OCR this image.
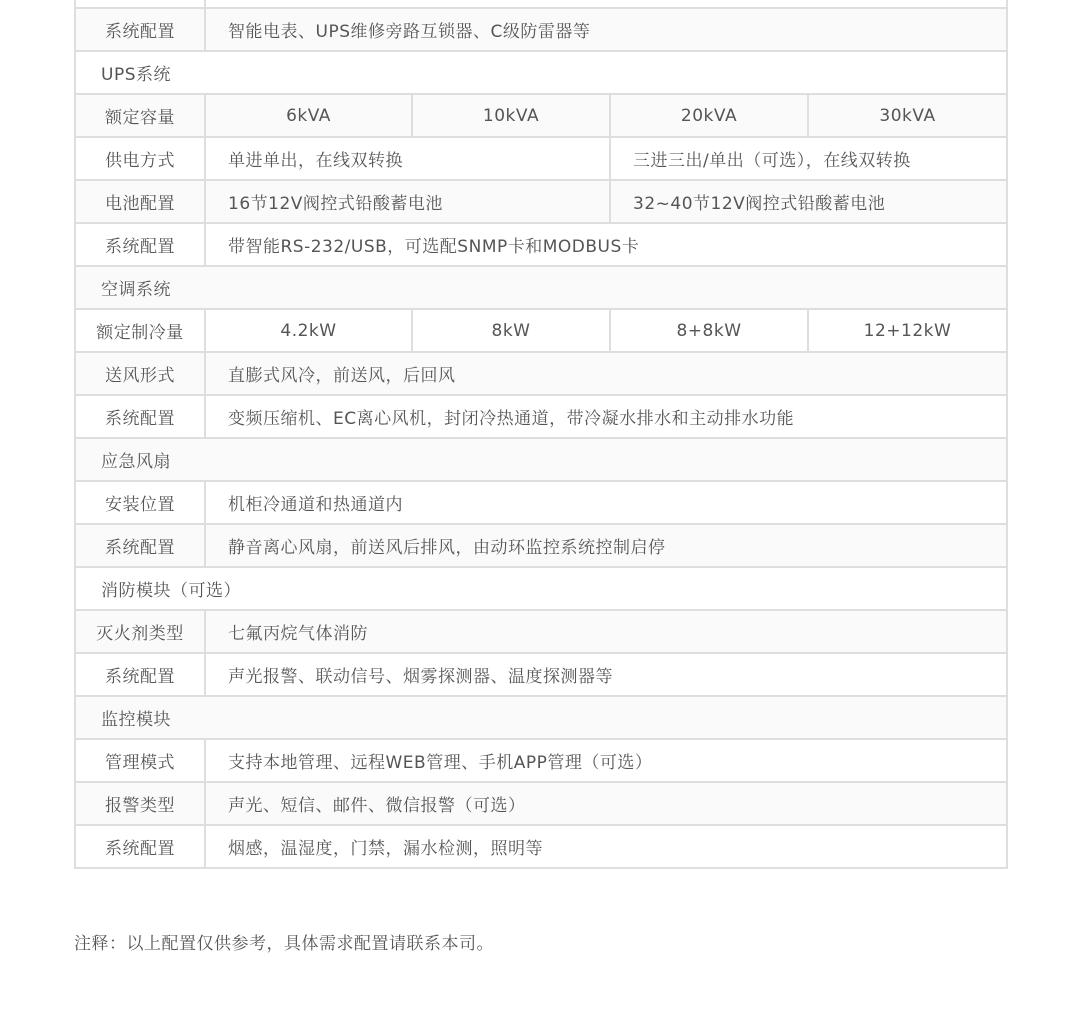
系统配置	智能电表、UPS维修旁路互锁器、C级防雷器等			
UPS系统				
额定容量	6kVA	10kVA	20kVA	30kVA
供电方式	单进单出，在线双转换		三进三出/单出（可选），在线双转换	
电池配置	16节12V阀控式铅酸蓄电池		32~40节12V阀控式铅酸蓄电池	
系统配置	带智能RS-232/USB，可选配SNMP卡和MODBUS卡			
空调系统				
额定制冷量	4.2kW	8kW	8+8kW	12+12kW
送风形式	直膨式风冷，前送风，后回风			
系统配置	变频压缩机、EC离心风机，封闭冷热通道，带冷凝水排水和主动排水功能			
应急风扇				
安装位置	机柜冷通道和热通道内			
系统配置	静音离心风扇，前送风后排风，由动环监控系统控制启停			
消防模块（可选）				
灭火剂类型	七氟丙烷气体消防			
系统配置	声光报警、联动信号、烟雾探测器、温度探测器等			
监控模块				
管理模式	支持本地管理、远程WEB管理、手机APP管理（可选）			
报警类型	声光、短信、邮件、微信报警（可选）			
系统配置	烟感，温湿度，门禁，漏水检测，照明等			
注释：以上配置仅供参考，具体需求配置请联系本司。
